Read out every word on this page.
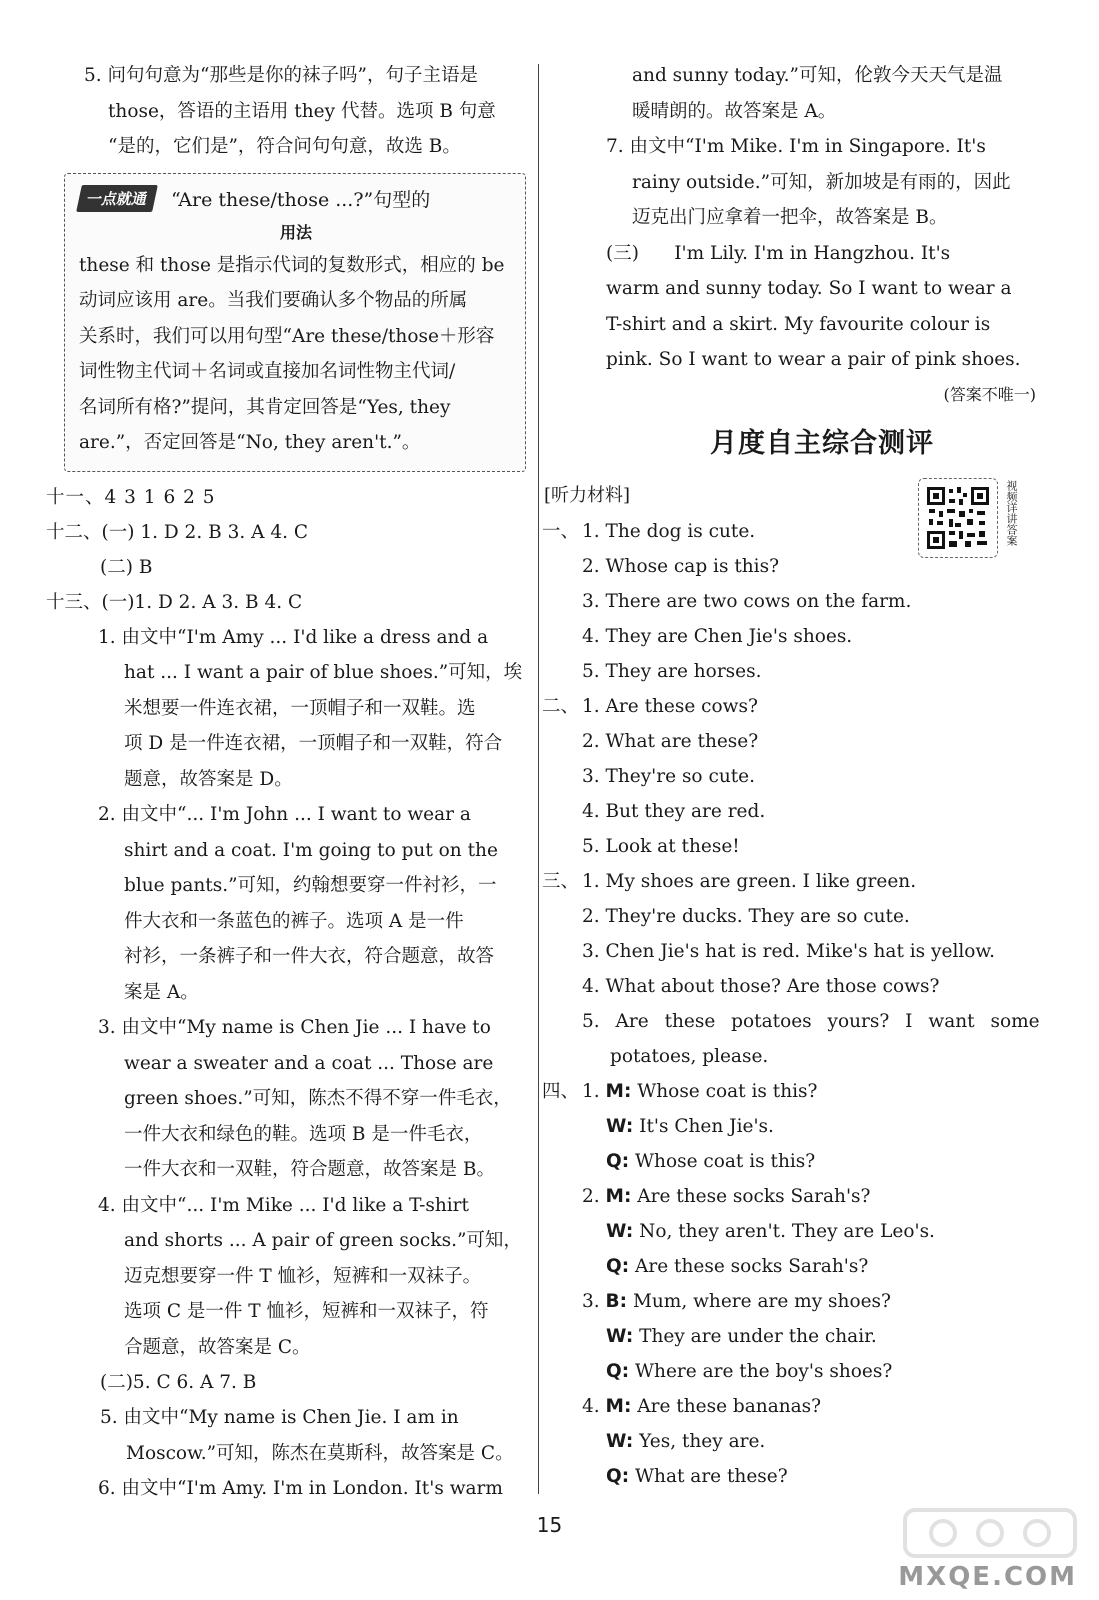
5. 问句句意为“那些是你的袜子吗”，句子主语是

those，答语的主语用 they 代替。选项 B 句意

“是的，它们是”，符合问句句意，故选 B。

一点就通	“Are these/those ...?”句型的
用法

these 和 those 是指示代词的复数形式，相应的 be

动词应该用 are。当我们要确认多个物品的所属

关系时，我们可以用句型“Are these/those＋形容

词性物主代词＋名词或直接加名词性物主代词/

名词所有格?”提问，其肯定回答是“Yes, they

are.”，否定回答是“No, they aren't.”。

十一、4 3 1 6 2 5

十二、(一) 1. D 2. B 3. A 4. C

(二) B

十三、(一)1. D 2. A 3. B 4. C

1. 由文中“I'm Amy ... I'd like a dress and a

hat ... I want a pair of blue shoes.”可知，埃

米想要一件连衣裙，一顶帽子和一双鞋。选

项 D 是一件连衣裙，一顶帽子和一双鞋，符合

题意，故答案是 D。

2. 由文中“... I'm John ... I want to wear a

shirt and a coat. I'm going to put on the

blue pants.”可知，约翰想要穿一件衬衫，一

件大衣和一条蓝色的裤子。选项 A 是一件

衬衫，一条裤子和一件大衣，符合题意，故答

案是 A。

3. 由文中“My name is Chen Jie ... I have to

wear a sweater and a coat ... Those are

green shoes.”可知，陈杰不得不穿一件毛衣，

一件大衣和绿色的鞋。选项 B 是一件毛衣，

一件大衣和一双鞋，符合题意，故答案是 B。

4. 由文中“... I'm Mike ... I'd like a T-shirt

and shorts ... A pair of green socks.”可知，

迈克想要穿一件 T 恤衫，短裤和一双袜子。

选项 C 是一件 T 恤衫，短裤和一双袜子，符

合题意，故答案是 C。

(二)5. C 6. A 7. B

5. 由文中“My name is Chen Jie. I am in

Moscow.”可知，陈杰在莫斯科，故答案是 C。

6. 由文中“I'm Amy. I'm in London. It's warm

and sunny today.”可知，伦敦今天天气是温

暖晴朗的。故答案是 A。

7. 由文中“I'm Mike. I'm in Singapore. It's

rainy outside.”可知，新加坡是有雨的，因此

迈克出门应拿着一把伞，故答案是 B。

(三)      I'm Lily. I'm in Hangzhou. It's

warm and sunny today. So I want to wear a

T-shirt and a skirt. My favourite colour is

pink. So I want to wear a pair of pink shoes.

(答案不唯一)
月度自主综合测评
视频详讲答案

[听力材料]

一、 1. The dog is cute.

2. Whose cap is this?

3. There are two cows on the farm.

4. They are Chen Jie's shoes.

5. They are horses.

二、 1. Are these cows?

2. What are these?

3. They're so cute.

4. But they are red.

5. Look at these!

三、 1. My shoes are green. I like green.

2. They're ducks. They are so cute.

3. Chen Jie's hat is red. Mike's hat is yellow.

4. What about those? Are those cows?

5. Are these potatoes yours? I want some

potatoes, please.

四、 1. M: Whose coat is this?

W: It's Chen Jie's.

Q: Whose coat is this?

2. M: Are these socks Sarah's?

W: No, they aren't. They are Leo's.

Q: Are these socks Sarah's?

3. B: Mum, where are my shoes?

W: They are under the chair.

Q: Where are the boy's shoes?

4. M: Are these bananas?

W: Yes, they are.

Q: What are these?

15
MXQE.COM
